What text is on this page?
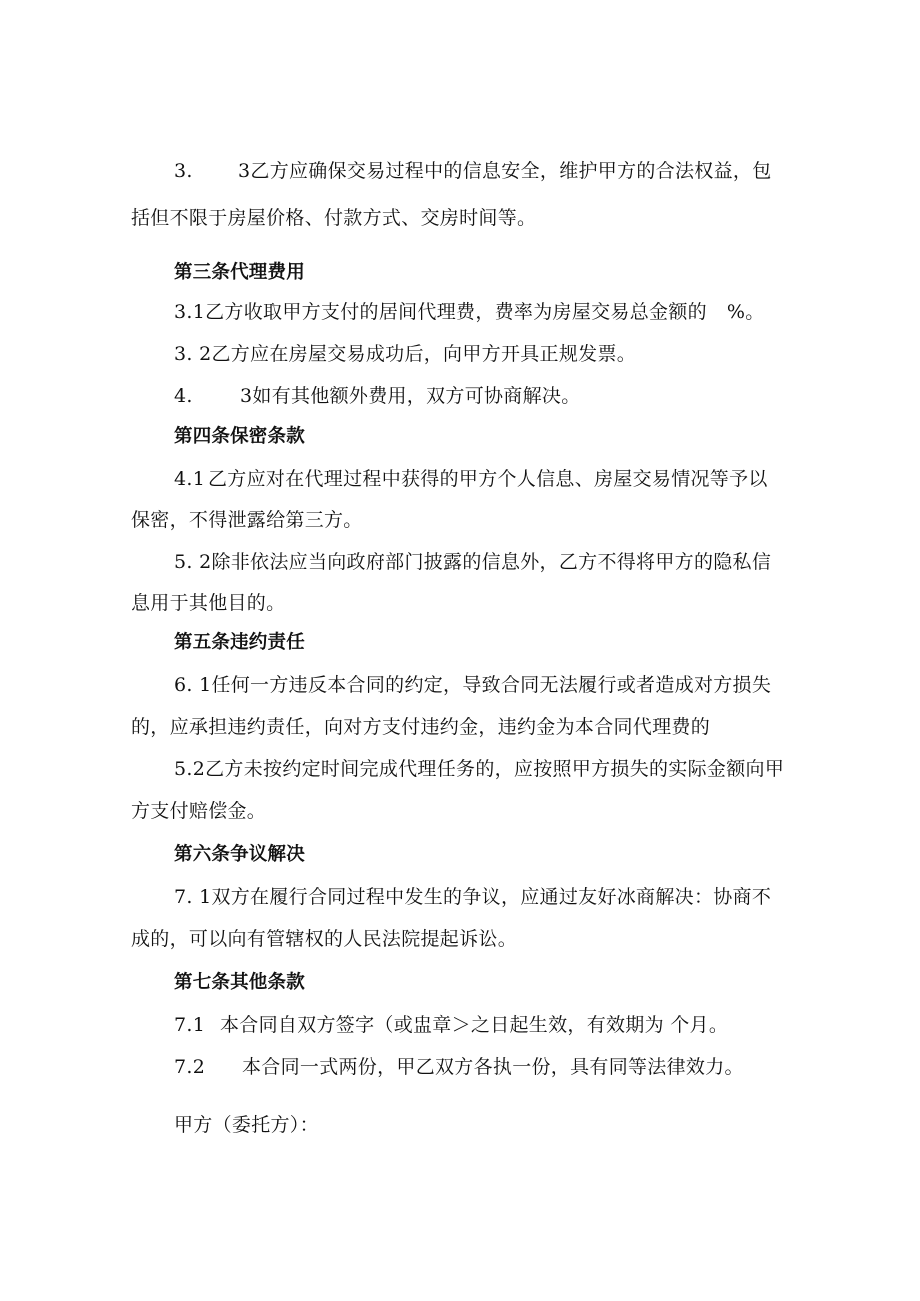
3. 3乙方应确保交易过程中的信息安全，维护甲方的合法权益，包
括但不限于房屋价格、付款方式、交房时间等。
第三条代理费用
3.1乙方收取甲方支付的居间代理费，费率为房屋交易总金额的 %。
3. 2乙方应在房屋交易成功后，向甲方开具正规发票。
4. 3如有其他额外费用，双方可协商解决。
第四条保密条款
4.1 乙方应对在代理过程中获得的甲方个人信息、房屋交易情况等予以
保密，不得泄露给第三方。
5. 2除非依法应当向政府部门披露的信息外，乙方不得将甲方的隐私信
息用于其他目的。
第五条违约责任
6. 1任何一方违反本合同的约定，导致合同无法履行或者造成对方损失
的，应承担违约责任，向对方支付违约金，违约金为本合同代理费的
5.2乙方未按约定时间完成代理任务的，应按照甲方损失的实际金额向甲
方支付赔偿金。
第六条争议解决
7. 1双方在履行合同过程中发生的争议，应通过友好冰商解决：协商不
成的，可以向有管辖权的人民法院提起诉讼。
第七条其他条款
7.1 本合同自双方签字（或盅章＞之日起生效，有效期为 个月。
7.2 本合同一式两份，甲乙双方各执一份，具有同等法律效力。
甲方（委托方）：
